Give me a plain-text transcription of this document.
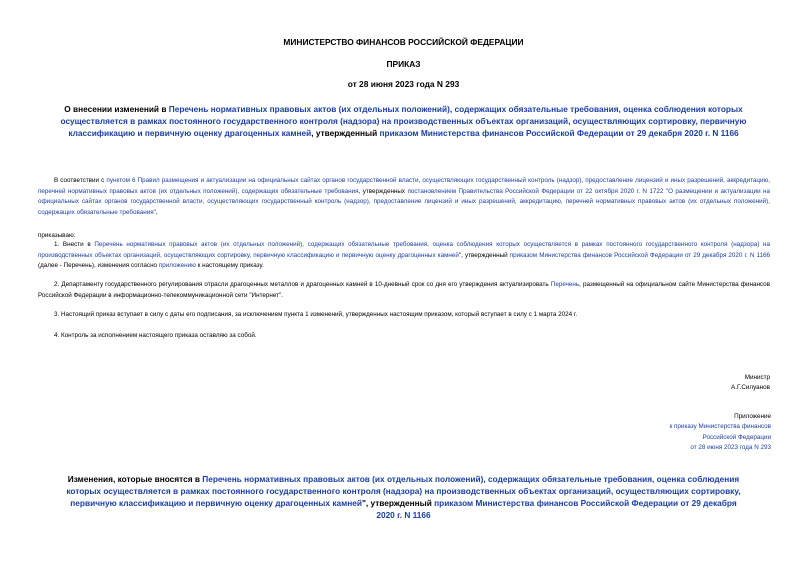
МИНИСТЕРСТВО ФИНАНСОВ РОССИЙСКОЙ ФЕДЕРАЦИИ
ПРИКАЗ
от 28 июня 2023 года N 293
О внесении изменений в Перечень нормативных правовых актов (их отдельных положений), содержащих обязательные требования, оценка соблюдения которых осуществляется в рамках постоянного государственного контроля (надзора) на производственных объектах организаций, осуществляющих сортировку, первичную классификацию и первичную оценку драгоценных камней, утвержденный приказом Министерства финансов Российской Федерации от 29 декабря 2020 г. N 1166
В соответствии с пунктом 6 Правил размещения и актуализации на официальных сайтах органов государственной власти, осуществляющих государственный контроль (надзор), предоставление лицензий и иных разрешений, аккредитацию, перечней нормативных правовых актов (их отдельных положений), содержащих обязательные требования, утвержденных постановлением Правительства Российской Федерации от 22 октября 2020 г. N 1722 "О размещении и актуализации на официальных сайтах органов государственной власти, осуществляющих государственный контроль (надзор), предоставление лицензий и иных разрешений, аккредитацию, перечней нормативных правовых актов (их отдельных положений), содержащих обязательные требования",
приказываю:
1. Внести в Перечень нормативных правовых актов (их отдельных положений), содержащих обязательные требования, оценка соблюдения которых осуществляется в рамках постоянного государственного контроля (надзора) на производственных объектах организаций, осуществляющих сортировку, первичную классификацию и первичную оценку драгоценных камней", утвержденный приказом Министерства финансов Российской Федерации от 29 декабря 2020 г. N 1166 (далее - Перечень), изменения согласно приложению к настоящему приказу.
2. Департаменту государственного регулирования отрасли драгоценных металлов и драгоценных камней в 10-дневный срок со дня его утверждения актуализировать Перечень, размещенный на официальном сайте Министерства финансов Российской Федерации в информационно-телекоммуникационной сети "Интернет".
3. Настоящий приказ вступает в силу с даты его подписания, за исключением пункта 1 изменений, утвержденных настоящим приказом, который вступает в силу с 1 марта 2024 г.
4. Контроль за исполнением настоящего приказа оставляю за собой.
Министр
А.Г.Силуанов
Приложение
к приказу Министерства финансов
Российской Федерации
от 28 июня 2023 года N 293
Изменения, которые вносятся в Перечень нормативных правовых актов (их отдельных положений), содержащих обязательные требования, оценка соблюдения которых осуществляется в рамках постоянного государственного контроля (надзора) на производственных объектах организаций, осуществляющих сортировку, первичную классификацию и первичную оценку драгоценных камней", утвержденный приказом Министерства финансов Российской Федерации от 29 декабря 2020 г. N 1166
